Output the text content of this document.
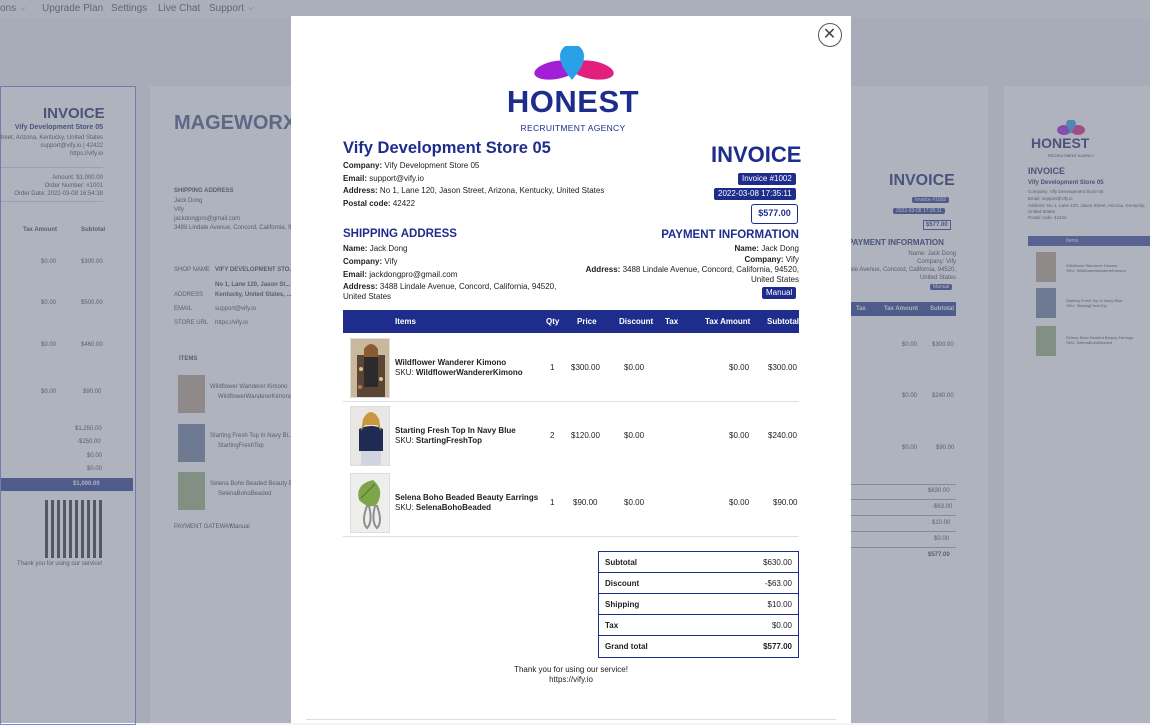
✕
HONEST
RECRUITMENT AGENCY
Vify Development Store 05
Company: Vify Development Store 05
Email: support@vify.io
Address: No 1, Lane 120, Jason Street, Arizona, Kentucky, United States
Postal code: 42422
INVOICE
Invoice #1002
2022-03-08 17:35:11
$577.00
SHIPPING ADDRESS
Name: Jack Dong
Company: Vify
Email: jackdongpro@gmail.com
Address: 3488 Lindale Avenue, Concord, California, 94520,
United States
PAYMENT INFORMATION
Name: Jack Dong
Company: Vify
Address: 3488 Lindale Avenue, Concord, California, 94520,
United States
Manual
Items	Qty Price	Discount Tax	Tax Amount Subtotal
Wildflower Wanderer Kimono
SKU: WildflowerWandererKimono
1 $300.00	$0.00	$0.00 $300.00
Starting Fresh Top In Navy Blue
SKU: StartingFreshTop
2 $120.00	$0.00	$0.00 $240.00
Selena Boho Beaded Beauty Earrings
SKU: SelenaBohoBeaded
1 $90.00	$0.00	$0.00	$90.00
Subtotal	$630.00
Discount	-$63.00
Shipping	$10.00
Tax	$0.00
Grand total	$577.00
Thank you for using our service!
https://vify.io
